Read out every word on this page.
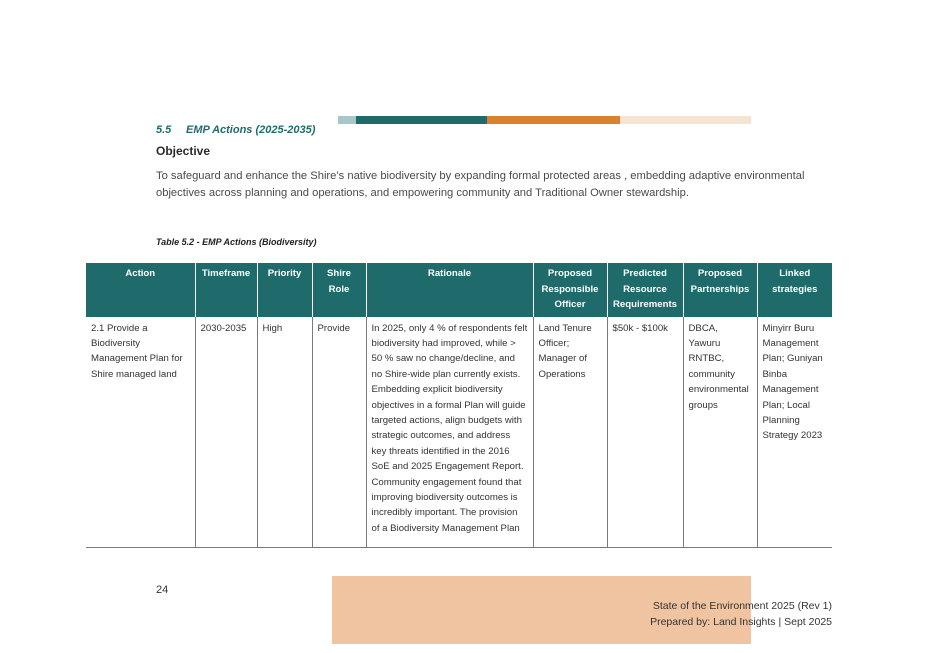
5.5 EMP Actions (2025-2035)
Objective
To safeguard and enhance the Shire’s native biodiversity by expanding formal protected areas , embedding adaptive environmental objectives across planning and operations, and empowering community and Traditional Owner stewardship.
Table 5.2 - EMP Actions (Biodiversity)
Action	Timeframe	Priority	Shire Role	Rationale	Proposed Responsible Officer	Predicted Resource Requirements	Proposed Partnerships	Linked strategies
2.1 Provide a Biodiversity Management Plan for Shire managed land	2030-2035	High	Provide	In 2025, only 4 % of respondents felt biodiversity had improved, while > 50 % saw no change/decline, and no Shire-wide plan currently exists. Embedding explicit biodiversity objectives in a formal Plan will guide targeted actions, align budgets with strategic outcomes, and address key threats identified in the 2016 SoE and 2025 Engagement Report. Community engagement found that improving biodiversity outcomes is incredibly important. The provision of a Biodiversity Management Plan	Land Tenure Officer; Manager of Operations	$50k - $100k	DBCA, Yawuru RNTBC, community environmental groups	Minyirr Buru Management Plan; Guniyan Binba Management Plan; Local Planning Strategy 2023
24
State of the Environment 2025 (Rev 1)
Prepared by: Land Insights | Sept 2025
